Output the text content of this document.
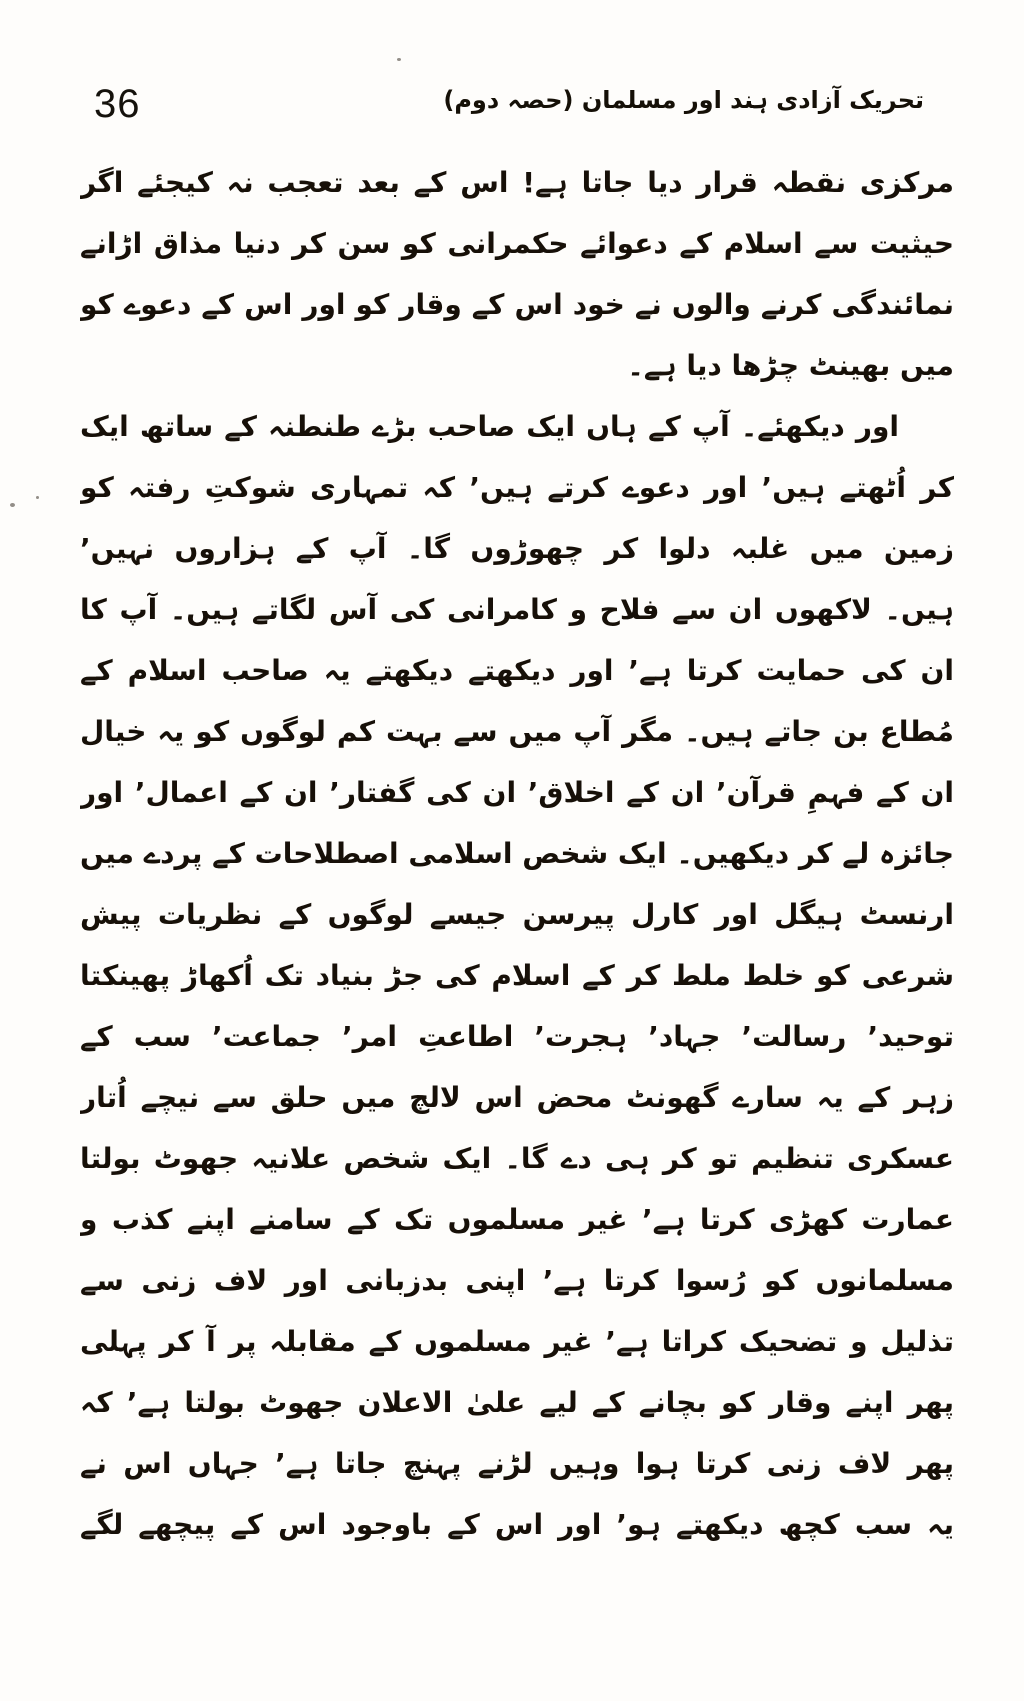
36	تحریک آزادی ہند اور مسلمان (حصہ دوم)
مرکزی نقطہ قرار دیا جاتا ہے! اس کے بعد تعجب نہ کیجئے اگر
حیثیت سے اسلام کے دعوائے حکمرانی کو سن کر دنیا مذاق اڑانے
نمائندگی کرنے والوں نے خود اس کے وقار کو اور اس کے دعوے کو
میں بھینٹ چڑھا دیا ہے۔
اور دیکھئے۔ آپ کے ہاں ایک صاحب بڑے طنطنہ کے ساتھ ایک
کر اُٹھتے ہیں’ اور دعوے کرتے ہیں’ کہ تمہاری شوکتِ رفتہ کو
زمین میں غلبہ دلوا کر چھوڑوں گا۔ آپ کے ہزاروں نہیں’
ہیں۔ لاکھوں ان سے فلاح و کامرانی کی آس لگاتے ہیں۔ آپ کا
ان کی حمایت کرتا ہے’ اور دیکھتے دیکھتے یہ صاحب اسلام کے
مُطاع بن جاتے ہیں۔ مگر آپ میں سے بہت کم لوگوں کو یہ خیال
ان کے فہمِ قرآن’ ان کے اخلاق’ ان کی گفتار’ ان کے اعمال’ اور
جائزہ لے کر دیکھیں۔ ایک شخص اسلامی اصطلاحات کے پردے میں
ارنسٹ ہیگل اور کارل پیرسن جیسے لوگوں کے نظریات پیش
شرعی کو خلط ملط کر کے اسلام کی جڑ بنیاد تک اُکھاڑ پھینکتا
توحید’ رسالت’ جہاد’ ہجرت’ اطاعتِ امر’ جماعت’ سب کے
زہر کے یہ سارے گھونٹ محض اس لالچ میں حلق سے نیچے اُتار
عسکری تنظیم تو کر ہی دے گا۔ ایک شخص علانیہ جھوٹ بولتا
عمارت کھڑی کرتا ہے’ غیر مسلموں تک کے سامنے اپنے کذب و
مسلمانوں کو رُسوا کرتا ہے’ اپنی بدزبانی اور لاف زنی سے
تذلیل و تضحیک کراتا ہے’ غیر مسلموں کے مقابلہ پر آ کر پہلی
پھر اپنے وقار کو بچانے کے لیے علیٰ الاعلان جھوٹ بولتا ہے’ کہ
پھر لاف زنی کرتا ہوا وہیں لڑنے پہنچ جاتا ہے’ جہاں اس نے
یہ سب کچھ دیکھتے ہو’ اور اس کے باوجود اس کے پیچھے لگے
